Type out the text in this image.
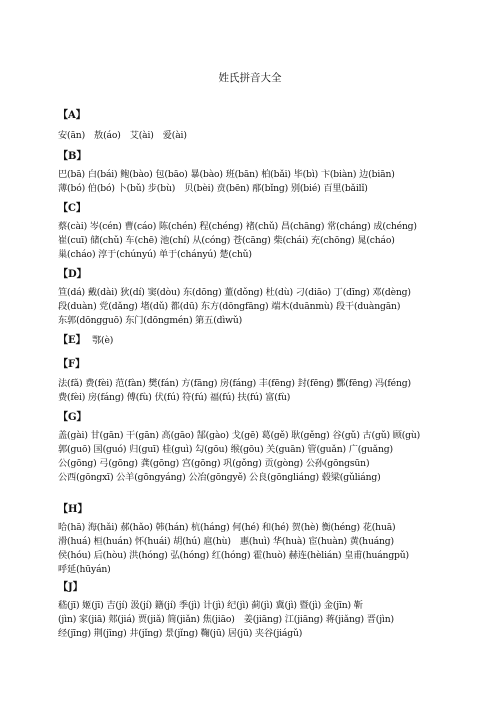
姓氏拼音大全
【A】
安(ān)　敖(áo)　艾(ài)　爱(ài)
【B】
巴(bā) 白(bái) 鲍(bào) 包(bāo) 暴(bào) 班(bān) 柏(bǎi) 毕(bì) 卞(biàn) 边(biān)
薄(bó) 伯(bó) 卜(bǔ) 步(bù)　贝(bèi) 贲(bēn) 邴(bǐng) 别(bié) 百里(bǎilǐ)
【C】
蔡(cài) 岑(cén) 曹(cáo) 陈(chén) 程(chéng) 褚(chǔ) 昌(chāng) 常(cháng) 成(chéng)
崔(cuī) 储(chǔ) 车(chē) 池(chí) 从(cóng) 苍(cāng) 柴(chái) 充(chōng) 晁(cháo)
巢(cháo) 淳于(chúnyú) 单于(chányú) 楚(chǔ)
【D】
笪(dá) 戴(dài) 狄(dí) 窦(dòu) 东(dōng) 董(dǒng) 杜(dù) 刁(diāo) 丁(dīng) 邓(dèng)
段(duàn) 党(dǎng) 堵(dǔ) 都(dū) 东方(dōngfāng) 端木(duānmù) 段干(duàngān)
东郭(dōngguō) 东门(dōngmén) 第五(dìwǔ)
【E】 鄂(è)
【F】
法(fǎ) 费(fèi) 范(fàn) 樊(fán) 方(fāng) 房(fáng) 丰(fēng) 封(fēng) 酆(fēng) 冯(féng)
费(fèi) 房(fáng) 傅(fù) 伏(fú) 符(fú) 福(fú) 扶(fú) 富(fù)
【G】
盖(gài) 甘(gān) 干(gān) 高(gāo) 郜(gào) 戈(gē) 葛(gě) 耿(gěng) 谷(gǔ) 古(gǔ) 顾(gù)
郭(guō) 国(guó) 归(guī) 桂(guì) 勾(gōu) 缑(gōu) 关(guān) 管(guǎn) 广(guǎng)
公(gōng) 弓(gōng) 龚(gōng) 宫(gōng) 巩(gǒng) 贡(gòng) 公孙(gōngsūn)
公西(gōngxī) 公羊(gōngyáng) 公冶(gōngyě) 公良(gōngliáng) 毂梁(gǔliáng)
【H】
哈(hā) 海(hǎi) 郝(hǎo) 韩(hán) 杭(háng) 何(hé) 和(hé) 贺(hè) 衡(héng) 花(huā)
滑(huá) 桓(huán) 怀(huái) 胡(hú) 扈(hù)　惠(huì) 华(huà) 宦(huàn) 黄(huáng)
侯(hóu) 后(hòu) 洪(hóng) 弘(hóng) 红(hóng) 霍(huò) 赫连(hèlián) 皇甫(huángpǔ)
呼延(hūyán)
【J】
嵇(jī) 姬(jī) 吉(jí) 汲(jí) 籍(jí) 季(jì) 计(jì) 纪(jì) 蓟(jì) 冀(jì) 暨(jì) 金(jīn) 靳
(jìn) 家(jiā) 郏(jiá) 贾(jiǎ) 简(jiǎn) 焦(jiāo)　姜(jiāng) 江(jiāng) 蒋(jiǎng) 晋(jìn)
经(jīng) 荆(jīng) 井(jǐng) 景(jǐng) 鞠(jū) 居(jū) 夹谷(jiágǔ)
